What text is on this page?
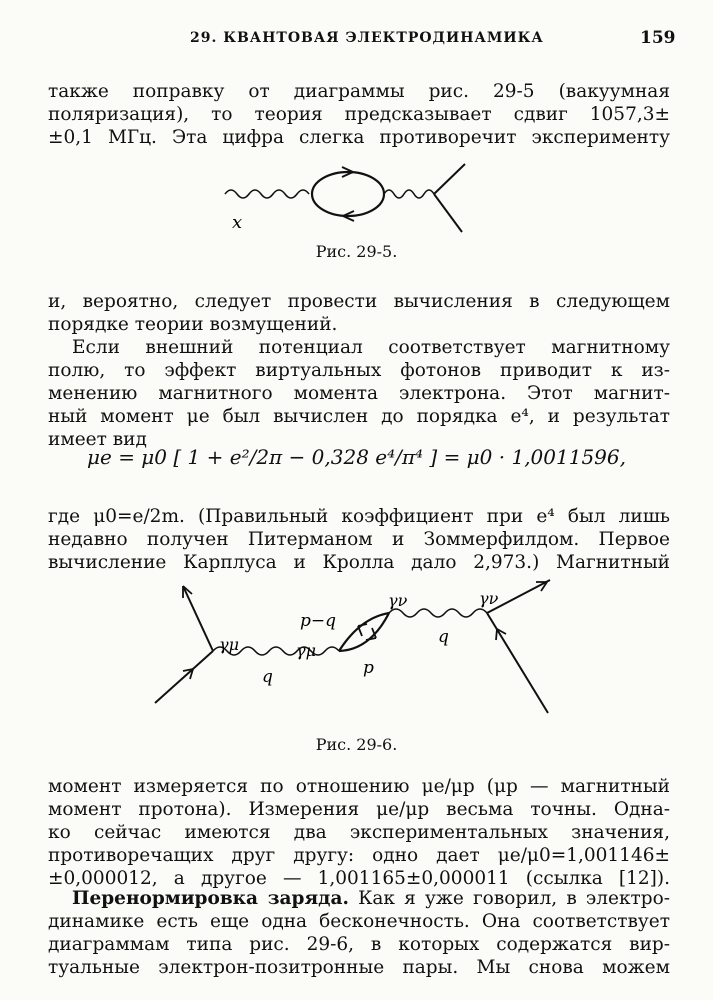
29. КВАНТОВАЯ ЭЛЕКТРОДИНАМИКА	159
также поправку от диаграммы рис. 29-5 (вакуумная
поляризация), то теория предсказывает сдвиг 1057,3±
±0,1 МГц. Эта цифра слегка противоречит эксперименту
x
Рис. 29-5.
и, вероятно, следует провести вычисления в следующем
порядке теории возмущений.
Если внешний потенциал соответствует магнитному
полю, то эффект виртуальных фотонов приводит к из-
менению магнитного момента электрона. Этот магнит-
ный момент μe был вычислен до порядка e⁴, и результат
имеет вид
μe = μ0 [ 1 + e²/2π − 0,328 e⁴/π⁴ ] = μ0 · 1,0011596,
где μ0=e/2m. (Правильный коэффициент при e⁴ был лишь
недавно получен Питерманом и Зоммерфилдом. Первое
вычисление Карплуса и Кролла дало 2,973.) Магнитный
γμ	γμ
γν	γν
p−q
p
q
q
Рис. 29-6.
момент измеряется по отношению μe/μp (μp — магнитный
момент протона). Измерения μe/μp весьма точны. Одна-
ко сейчас имеются два экспериментальных значения,
противоречащих друг другу: одно дает μe/μ0=1,001146±
±0,000012, а другое — 1,001165±0,000011 (ссылка [12]).
Перенормировка заряда. Как я уже говорил, в электро-
динамике есть еще одна бесконечность. Она соответствует
диаграммам типа рис. 29-6, в которых содержатся вир-
туальные электрон-позитронные пары. Мы снова можем
